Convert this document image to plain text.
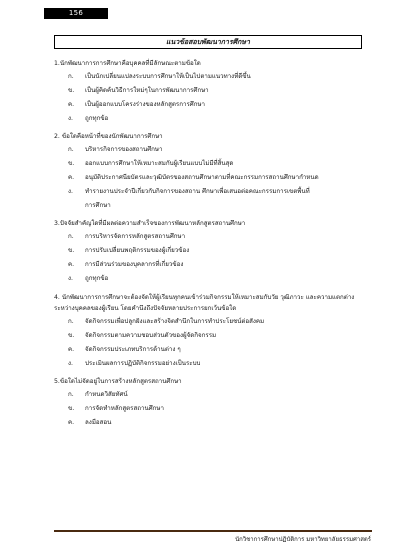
156
แนวข้อสอบพัฒนาการศึกษา
1.นักพัฒนาการการศึกษาคือบุคคลที่มีลักษณะตามข้อใด
ก. เป็นนักเปลี่ยนแปลงระบบการศึกษาให้เป็นไปตามแนวทางที่ดีขึ้น
ข. เป็นผู้คิดค้นวิธีการใหม่ๆในการพัฒนาการศึกษา
ค. เป็นผู้ออกแบบโครงร่างของหลักสูตรการศึกษา
ง. ถูกทุกข้อ
2. ข้อใดคือหน้าที่ของนักพัฒนาการศึกษา
ก. บริหารกิจการของสถานศึกษา
ข. ออกแบบการศึกษาให้เหมาะสมกับผู้เรียนแบบไม่มีที่สิ้นสุด
ค. อนุมัติประกาศนียบัตรและวุฒิบัตรของสถานศึกษาตามที่คณะกรรมการสถานศึกษากำหนด
ง. ทำรายงานประจำปีเกี่ยวกับกิจการของสถาน ศึกษาเพื่อเสนอต่อคณะกรรมการเขตพื้นที่
การศึกษา
3.ปัจจัยสำคัญใดที่มีผลต่อความสำเร็จของการพัฒนาหลักสูตรสถานศึกษา
ก. การบริหารจัดการหลักสูตรสถานศึกษา
ข. การปรับเปลี่ยนพฤติกรรมของผู้เกี่ยวข้อง
ค. การมีส่วนร่วมของบุคลากรที่เกี่ยวข้อง
ง. ถูกทุกข้อ
4. นักพัฒนาการการศึกษาจะต้องจัดให้ผู้เรียนทุกคนเข้าร่วมกิจกรรมให้เหมาะสมกับวัย วุฒิภาวะ และความแตกต่างระหว่างบุคคลของผู้เรียน โดยคำนึงถึงปัจจัยหลายประการยกเว้นข้อใด
ก. จัดกิจกรรมเพื่อปลูกฝังและสร้างจิตสำนึกในการทำประโยชน์ต่อสังคม
ข. จัดกิจกรรมตามความชอบส่วนตัวของผู้จัดกิจกรรม
ค. จัดกิจกรรมประเภทบริการด้านต่าง ๆ
ง. ประเมินผลการปฏิบัติกิจกรรมอย่างเป็นระบบ
5.ข้อใดไม่จัดอยู่ในการสร้างหลักสูตรสถานศึกษา
ก. กำหนดวิสัยทัศน์
ข. การจัดทำหลักสูตรสถานศึกษา
ค. ลงมือสอน
นักวิชาการศึกษาปฏิบัติการ มหาวิทยาลัยธรรมศาสตร์
